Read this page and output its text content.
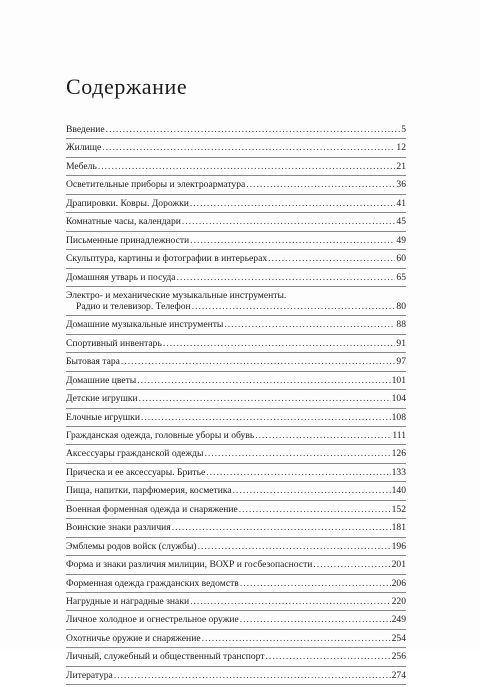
Содержание
Введение .....	5
Жилище .....	12
Мебель .....	21
Осветительные приборы и электроарматура .....	36
Драпировки. Ковры. Дорожки .....	41
Комнатные часы, календари .....	45
Письменные принадлежности .....	49
Скульптура, картины и фотографии в интерьерах .....	60
Домашняя утварь и посуда .....	65
Электро- и механические музыкальные инструменты.
Радио и телевизор. Телефон .....	80
Домашние музыкальные инструменты .....	88
Спортивный инвентарь .....	91
Бытовая тара .....	97
Домашние цветы .....	101
Детские игрушки .....	104
Елочные игрушки .....	108
Гражданская одежда, головные уборы и обувь .....	111
Аксессуары гражданской одежды .....	126
Прическа и ее аксессуары. Бритье .....	133
Пища, напитки, парфюмерия, косметика .....	140
Военная форменная одежда и снаряжение .....	152
Воинские знаки различия .....	181
Эмблемы родов войск (службы) .....	196
Форма и знаки различия милиции, ВОХР и госбезопасности .....	201
Форменная одежда гражданских ведомств .....	206
Нагрудные и наградные знаки .....	220
Личное холодное и огнестрельное оружие .....	249
Охотничье оружие и снаряжение .....	254
Личный, служебный и общественный транспорт .....	256
Литература .....	274
